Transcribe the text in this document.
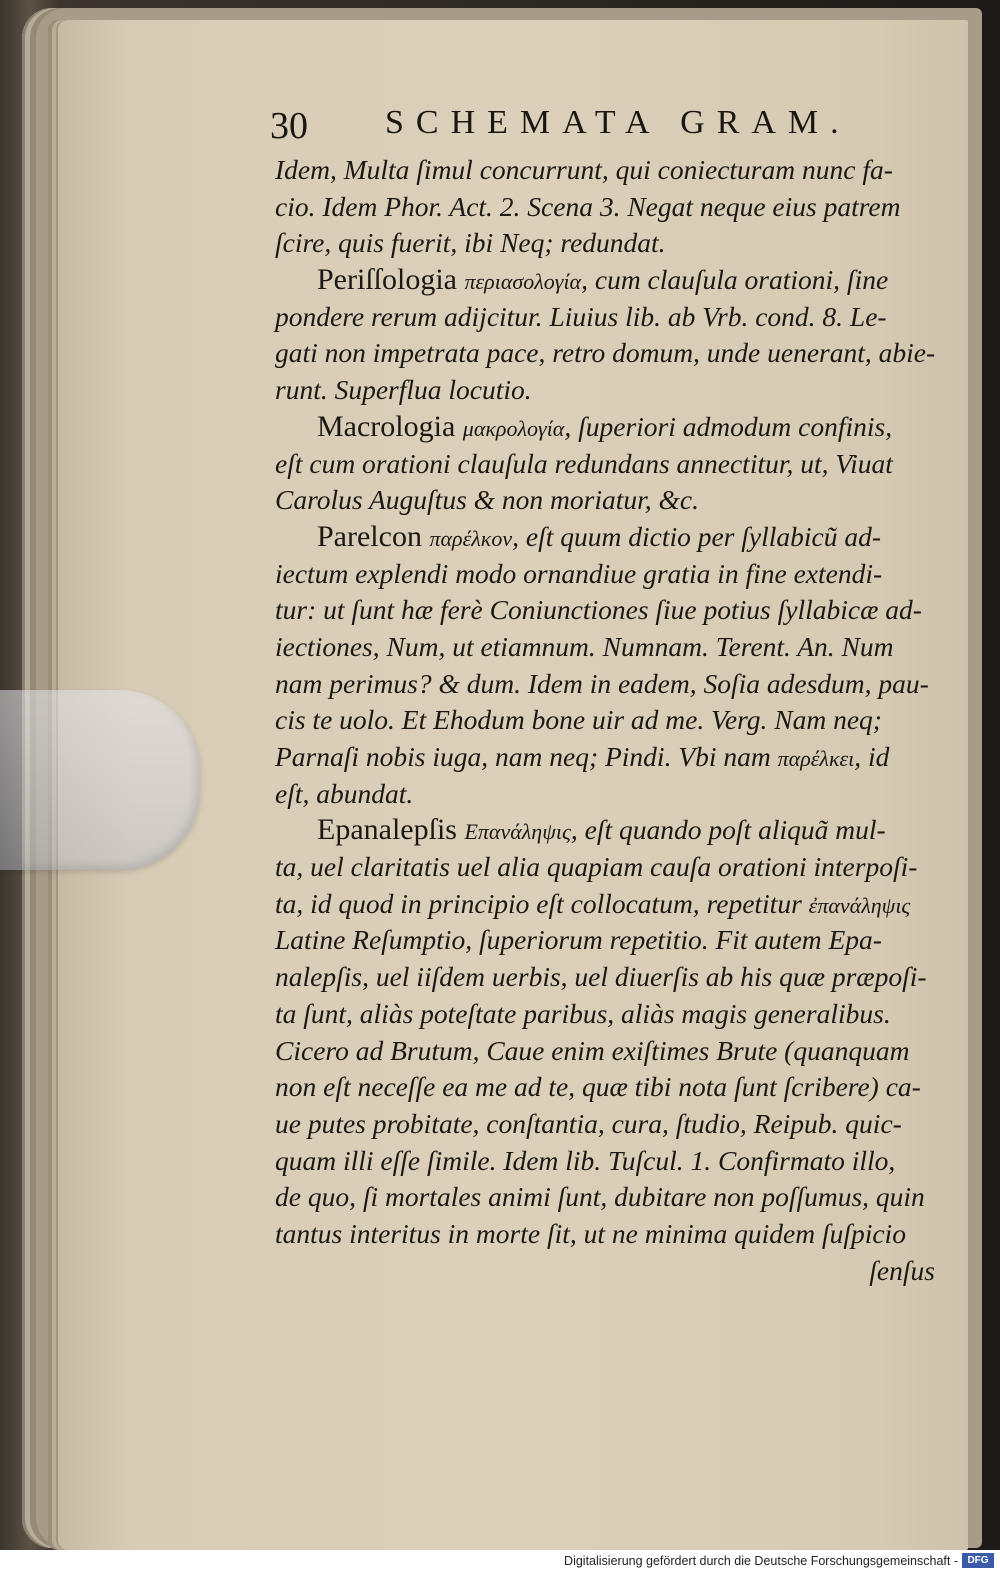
30 SCHEMATA GRAM.
Idem, Multa ſimul concurrunt, qui coniecturam nunc fa-
cio. Idem Phor. Act. 2. Scena 3. Negat neque eius patrem
ſcire, quis fuerit, ibi Neq; redundat.
Periſſologia περιασολογία, cum clauſula orationi, ſine
pondere rerum adijcitur. Liuius lib. ab Vrb. cond. 8. Le-
gati non impetrata pace, retro domum, unde uenerant, abie-
runt. Superflua locutio.
Macrologia μακρολογία, ſuperiori admodum confinis,
eſt cum orationi clauſula redundans annectitur, ut, Viuat
Carolus Auguſtus & non moriatur, &c.
Parelcon παρέλκον, eſt quum dictio per ſyllabicũ ad-
iectum explendi modo ornandiue gratia in fine extendi-
tur: ut ſunt hæ ferè Coniunctiones ſiue potius ſyllabicæ ad-
iectiones, Num, ut etiamnum. Numnam. Terent. An. Num
nam perimus? & dum. Idem in eadem, Soſia adesdum, pau-
cis te uolo. Et Ehodum bone uir ad me. Verg. Nam neq;
Parnaſi nobis iuga, nam neq; Pindi. Vbi nam παρέλκει, id
eſt, abundat.
Epanalepſis Επανάληψις, eſt quando poſt aliquã mul-
ta, uel claritatis uel alia quapiam cauſa orationi interpoſi-
ta, id quod in principio eſt collocatum, repetitur ἐπανάληψις
Latine Reſumptio, ſuperiorum repetitio. Fit autem Epa-
nalepſis, uel iiſdem uerbis, uel diuerſis ab his quæ præpoſi-
ta ſunt, aliàs poteſtate paribus, aliàs magis generalibus.
Cicero ad Brutum, Caue enim exiſtimes Brute (quanquam
non eſt neceſſe ea me ad te, quæ tibi nota ſunt ſcribere) ca-
ue putes probitate, conſtantia, cura, ſtudio, Reipub. quic-
quam illi eſſe ſimile. Idem lib. Tuſcul. 1. Confirmato illo,
de quo, ſi mortales animi ſunt, dubitare non poſſumus, quin
tantus interitus in morte ſit, ut ne minima quidem ſuſpicio
ſenſus
Digitalisierung gefördert durch die Deutsche Forschungsgemeinschaft - DFG
